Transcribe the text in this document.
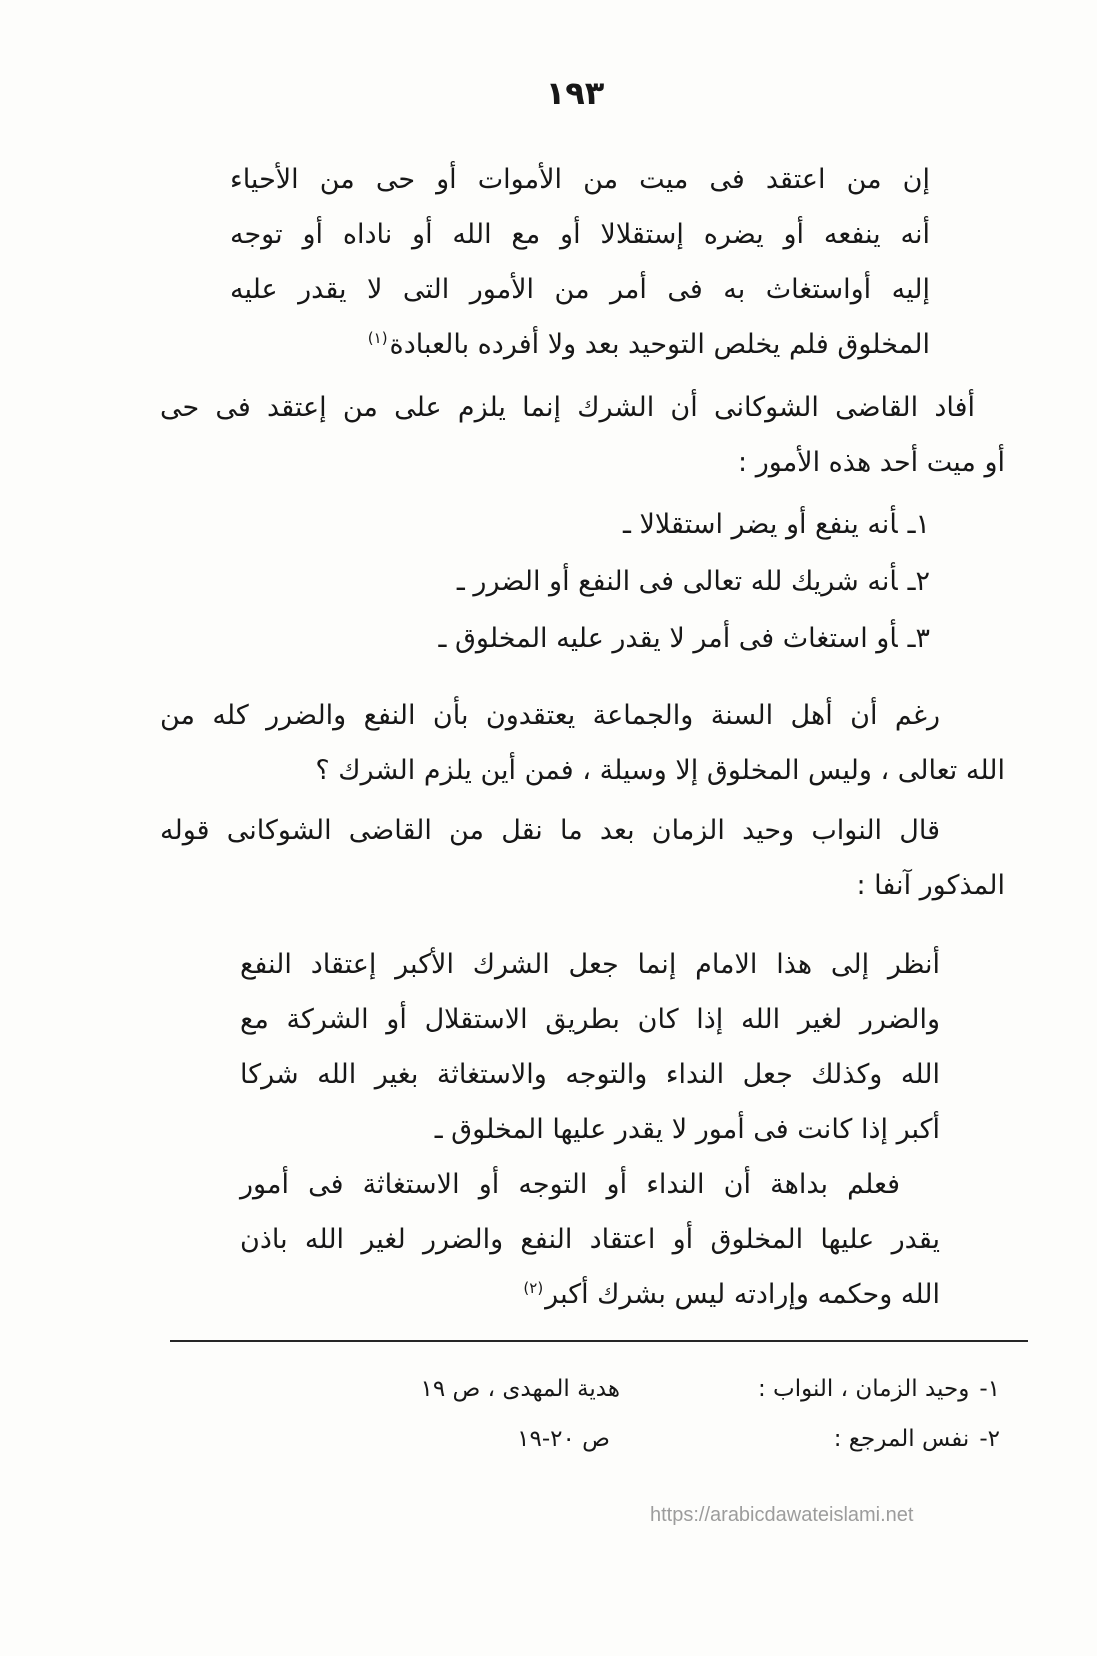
١٩٣
إن من اعتقد فى ميت من الأموات أو حى من الأحياء
أنه ينفعه أو يضره إستقلالا أو مع الله أو ناداه أو توجه
إليه أواستغاث به فى أمر من الأمور التى لا يقدر عليه
المخلوق فلم يخلص التوحيد بعد ولا أفرده بالعبادة$^{(١)}$
أفاد القاضى الشوكانى أن الشرك إنما يلزم على من إعتقد فى حى
أو ميت أحد هذه الأمور :
١ـأنه ينفع أو يضر استقلالا ـ
٢ـأنه شريك لله تعالى فى النفع أو الضرر ـ
٣ـأو استغاث فى أمر لا يقدر عليه المخلوق ـ
رغم أن أهل السنة والجماعة يعتقدون بأن النفع والضرر كله من
الله تعالى ، وليس المخلوق إلا وسيلة ، فمن أين يلزم الشرك ؟
قال النواب وحيد الزمان بعد ما نقل من القاضى الشوكانى قوله
المذكور آنفا :
أنظر إلى هذا الامام إنما جعل الشرك الأكبر إعتقاد النفع
والضرر لغير الله إذا كان بطريق الاستقلال أو الشركة مع
الله وكذلك جعل النداء والتوجه والاستغاثة بغير الله شركا
أكبر إذا كانت فى أمور لا يقدر عليها المخلوق ـ
فعلم بداهة أن النداء أو التوجه أو الاستغاثة فى أمور
يقدر عليها المخلوق أو اعتقاد النفع والضرر لغير الله باذن
الله وحكمه وإرادته ليس بشرك أكبر$^{(٢)}$
١-وحيد الزمان ، النواب :
هدية المهدى ، ص ١٩
٢-نفس المرجع :
ص ٢٠-١٩
https://arabicdawateislami.net
